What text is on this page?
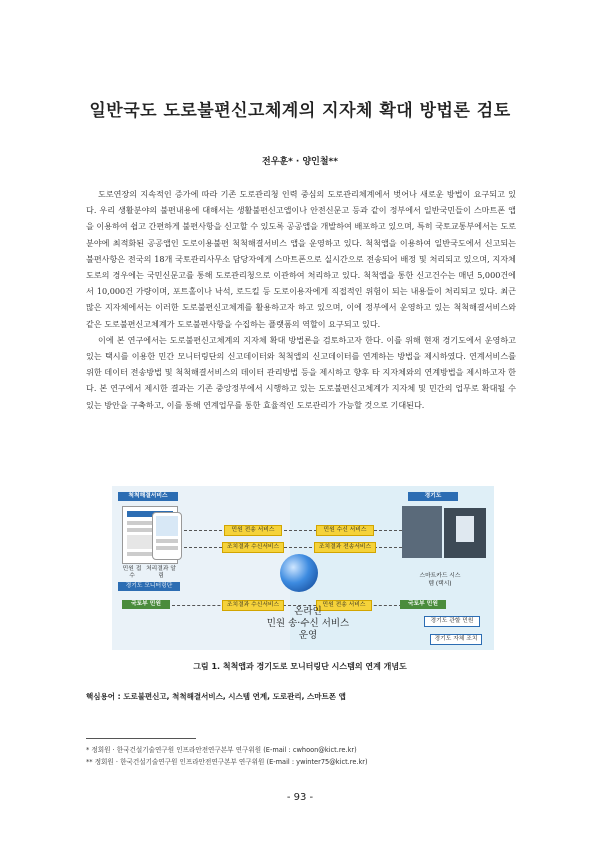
일반국도 도로불편신고체계의 지자체 확대 방법론 검토
전우훈* · 양인철**

도로연장의 지속적인 증가에 따라 기존 도로관리청 인력 중심의 도로관리체계에서 벗어나 새로운 방법이 요구되고 있다. 우리 생활분야의 불편내용에 대해서는 생활불편신고앱이나 안전신문고 등과 같이 정부에서 일반국민들이 스마트폰 앱을 이용하여 쉽고 간편하게 불편사항을 신고할 수 있도록 공공앱을 개발하여 배포하고 있으며, 특히 국토교통부에서는 도로분야에 최적화된 공공앱인 도로이용불편 척척해결서비스 앱을 운영하고 있다. 척척앱을 이용하여 일반국도에서 신고되는 불편사항은 전국의 18개 국토관리사무소 담당자에게 스마트폰으로 실시간으로 전송되어 배정 및 처리되고 있으며, 지자체 도로의 경우에는 국민신문고를 통해 도로관리청으로 이관하여 처리하고 있다. 척척앱을 통한 신고건수는 매년 5,000건에서 10,000건 가량이며, 포트홀이나 낙석, 로드킬 등 도로이용자에게 직접적인 위험이 되는 내용들이 처리되고 있다. 최근 많은 지자체에서는 이러한 도로불편신고체계를 활용하고자 하고 있으며, 이에 정부에서 운영하고 있는 척척해결서비스와 같은 도로불편신고체계가 도로불편사항을 수집하는 플랫폼의 역할이 요구되고 있다.

이에 본 연구에서는 도로불편신고체계의 지자체 확대 방법론을 검토하고자 한다. 이를 위해 현재 경기도에서 운영하고 있는 택시를 이용한 민간 모니터링단의 신고데이터와 척척앱의 신고데이터를 연계하는 방법을 제시하였다. 연계서비스를 위한 데이터 전송방법 및 척척해결서비스의 데이터 관리방법 등을 제시하고 향후 타 지자체와의 연계방법을 제시하고자 한다. 본 연구에서 제시한 결과는 기존 중앙정부에서 시행하고 있는 도로불편신고체계가 지자체 및 민간의 업무로 확대될 수 있는 방안을 구축하고, 이를 통해 연계업무를 통한 효율적인 도로관리가 가능할 것으로 기대된다.

척척해결서비스	경기도
민원 접수
처리결과 알림
경기도 모니터링단
국토부 민원
민원 전송 서비스	민원 수신 서비스
조치결과 수신서비스	조치결과 전송서비스
조치결과 수신서비스	민원 전송 서비스
온라인
민원 송·수신 서비스
운영
스마트카드 시스템 (택시)
국토부 민원
경기도 관할 민원
경기도 자체 조치
그림 1. 척척앱과 경기도로 모니터링단 시스템의 연계 개념도
핵심용어 : 도로불편신고, 척척해결서비스, 시스템 연계, 도로관리, 스마트폰 앱
* 정회원 · 한국건설기술연구원 인프라안전연구본부 연구위원 (E-mail : cwhoon@kict.re.kr)
** 정회원 · 한국건설기술연구원 인프라안전연구본부 연구위원 (E-mail : ywinter75@kict.re.kr)
- 93 -
